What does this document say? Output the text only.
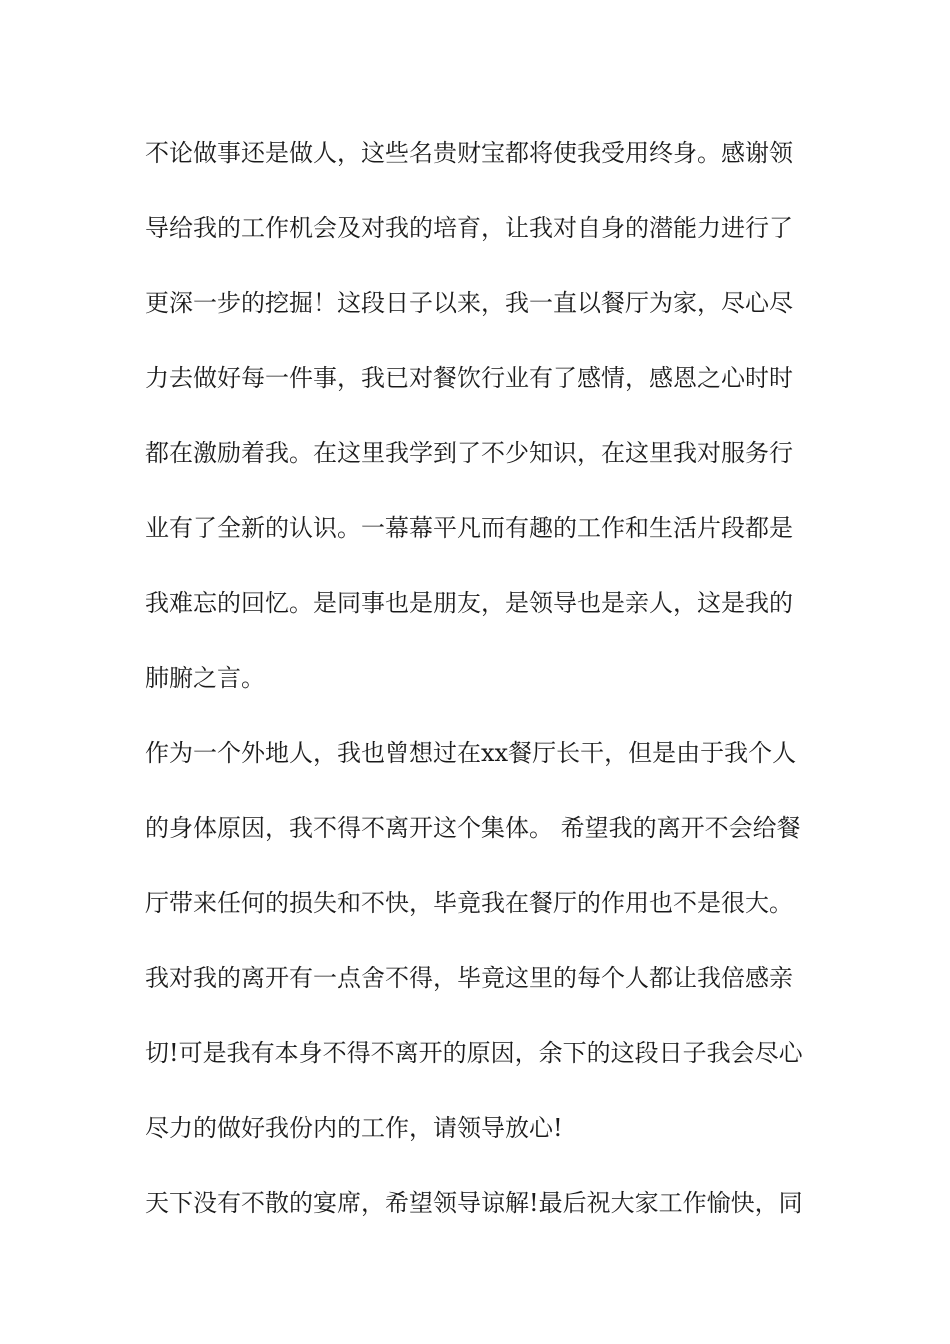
不论做事还是做人，这些名贵财宝都将使我受用终身。感谢领
导给我的工作机会及对我的培育，让我对自身的潜能力进行了
更深一步的挖掘！这段日子以来，我一直以餐厅为家，尽心尽
力去做好每一件事，我已对餐饮行业有了感情，感恩之心时时
都在激励着我。在这里我学到了不少知识，在这里我对服务行
业有了全新的认识。一幕幕平凡而有趣的工作和生活片段都是
我难忘的回忆。是同事也是朋友，是领导也是亲人，这是我的
肺腑之言。
作为一个外地人，我也曾想过在xx餐厅长干，但是由于我个人
的身体原因，我不得不离开这个集体。 希望我的离开不会给餐
厅带来任何的损失和不快，毕竟我在餐厅的作用也不是很大。
我对我的离开有一点舍不得，毕竟这里的每个人都让我倍感亲
切!可是我有本身不得不离开的原因，余下的这段日子我会尽心
尽力的做好我份内的工作，请领导放心!
天下没有不散的宴席，希望领导谅解!最后祝大家工作愉快，同
